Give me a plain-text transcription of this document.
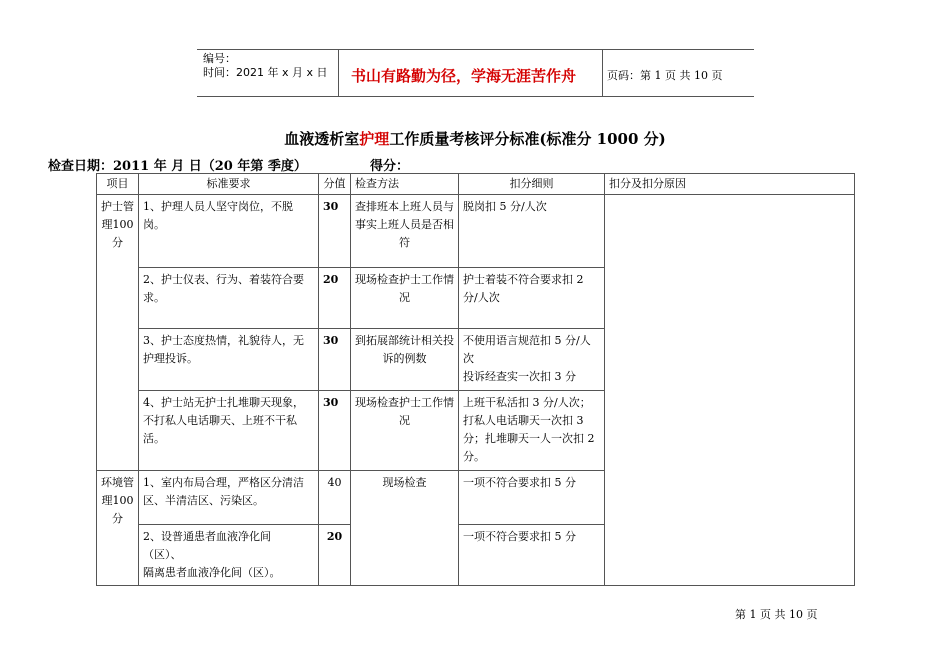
编号：
时间：2021 年 x 月 x 日	书山有路勤为径，学海无涯苦作舟	页码：第 1 页 共 10 页
血液透析室护理工作质量考核评分标准(标准分 1000 分)
检查日期：2011 年 月 日（20 年第 季度）	得分：
项目	标准要求	分值	检查方法	扣分细则	扣分及扣分原因
护士管理100分	1、护理人员人坚守岗位，不脱岗。	30	查排班本上班人员与事实上班人员是否相符	脱岗扣 5 分/人次	
	2、护士仪表、行为、着装符合要求。	20	现场检查护士工作情况	护士着装不符合要求扣 2 分/人次	
	3、护士态度热情，礼貌待人，无护理投诉。	30	到拓展部统计相关投诉的例数	不使用语言规范扣 5 分/人次
投诉经查实一次扣 3 分	
	4、护士站无护士扎堆聊天现象，不打私人电话聊天、上班不干私活。	30	现场检查护士工作情况	上班干私活扣 3 分/人次；
打私人电话聊天一次扣 3 分；扎堆聊天一人一次扣 2 分。	
环境管理100分	1、室内布局合理，严格区分清洁区、半清洁区、污染区。	40	现场检查	一项不符合要求扣 5 分	
	2、设普通患者血液净化间
（区）、
隔离患者血液净化间（区）。	20		一项不符合要求扣 5 分	
第 1 页 共 10 页
